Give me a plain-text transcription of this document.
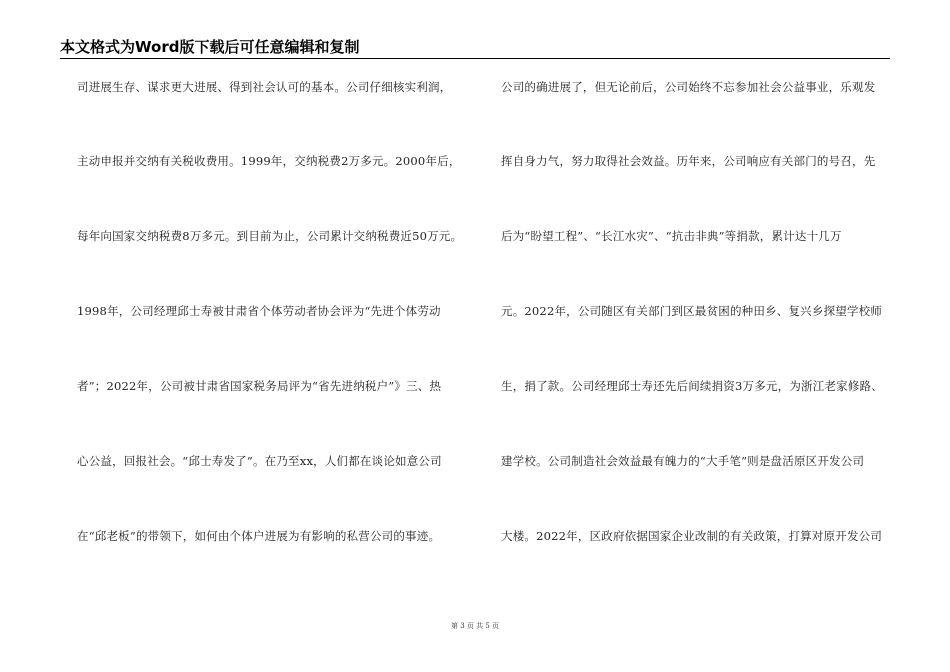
本文格式为Word版下载后可任意编辑和复制
司进展生存、谋求更大进展、得到社会认可的基本。公司仔细核实利润，
主动申报并交纳有关税收费用。1999年，交纳税费2万多元。2000年后，
每年向国家交纳税费8万多元。到目前为止，公司累计交纳税费近50万元。
1998年，公司经理邱士寿被甘肃省个体劳动者协会评为“先进个体劳动
者”；2022年，公司被甘肃省国家税务局评为“省先进纳税户”》三、热
心公益，回报社会。“邱士寿发了”。在乃至xx，人们都在谈论如意公司
在“邱老板”的带领下，如何由个体户进展为有影响的私营公司的事迹。
公司的确进展了，但无论前后，公司始终不忘参加社会公益事业，乐观发
挥自身力气，努力取得社会效益。历年来，公司响应有关部门的号召，先
后为“盼望工程”、“长江水灾”、“抗击非典”等捐款，累计达十几万
元。2022年，公司随区有关部门到区最贫困的种田乡、复兴乡探望学校师
生，捐了款。公司经理邱士寿还先后间续捐资3万多元，为浙江老家修路、
建学校。公司制造社会效益最有魄力的“大手笔”则是盘活原区开发公司
大楼。2022年，区政府依据国家企业改制的有关政策，打算对原开发公司
第 3 页 共 5 页
